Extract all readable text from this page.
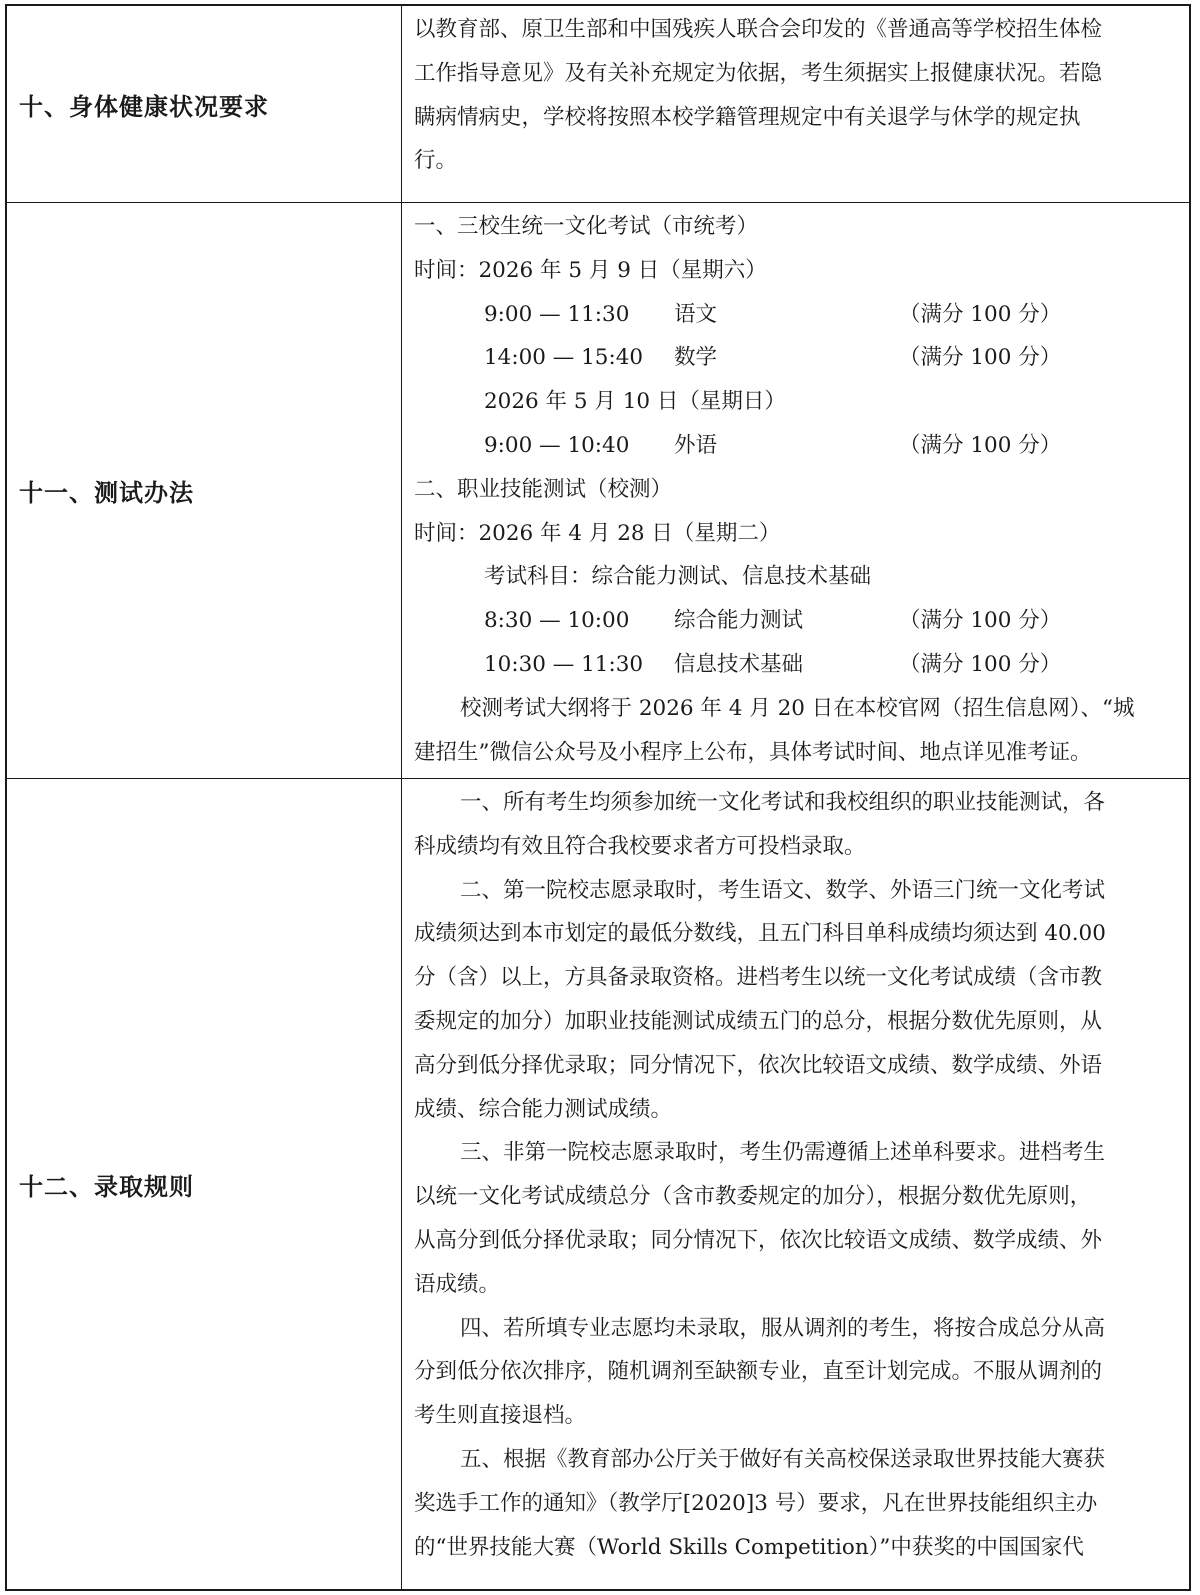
十、身体健康状况要求
以教育部、原卫生部和中国残疾人联合会印发的《普通高等学校招生体检
工作指导意见》及有关补充规定为依据，考生须据实上报健康状况。若隐
瞒病情病史，学校将按照本校学籍管理规定中有关退学与休学的规定执
行。
十一、测试办法
一、三校生统一文化考试（市统考）
时间：2026 年 5 月 9 日（星期六）
9:00 — 11:30	语文	（满分 100 分）
14:00 — 15:40	数学	（满分 100 分）
2026 年 5 月 10 日（星期日）
9:00 — 10:40	外语	（满分 100 分）
二、职业技能测试（校测）
时间：2026 年 4 月 28 日（星期二）
考试科目：综合能力测试、信息技术基础
8:30 — 10:00	综合能力测试	（满分 100 分）
10:30 — 11:30	信息技术基础	（满分 100 分）
校测考试大纲将于 2026 年 4 月 20 日在本校官网（招生信息网）、“城
建招生”微信公众号及小程序上公布，具体考试时间、地点详见准考证。
十二、录取规则
一、所有考生均须参加统一文化考试和我校组织的职业技能测试，各
科成绩均有效且符合我校要求者方可投档录取。
二、第一院校志愿录取时，考生语文、数学、外语三门统一文化考试
成绩须达到本市划定的最低分数线，且五门科目单科成绩均须达到 40.00
分（含）以上，方具备录取资格。进档考生以统一文化考试成绩（含市教
委规定的加分）加职业技能测试成绩五门的总分，根据分数优先原则，从
高分到低分择优录取；同分情况下，依次比较语文成绩、数学成绩、外语
成绩、综合能力测试成绩。
三、非第一院校志愿录取时，考生仍需遵循上述单科要求。进档考生
以统一文化考试成绩总分（含市教委规定的加分），根据分数优先原则，
从高分到低分择优录取；同分情况下，依次比较语文成绩、数学成绩、外
语成绩。
四、若所填专业志愿均未录取，服从调剂的考生，将按合成总分从高
分到低分依次排序，随机调剂至缺额专业，直至计划完成。不服从调剂的
考生则直接退档。
五、根据《教育部办公厅关于做好有关高校保送录取世界技能大赛获
奖选手工作的通知》（教学厅[2020]3 号）要求，凡在世界技能组织主办
的“世界技能大赛（World Skills Competition）”中获奖的中国国家代
